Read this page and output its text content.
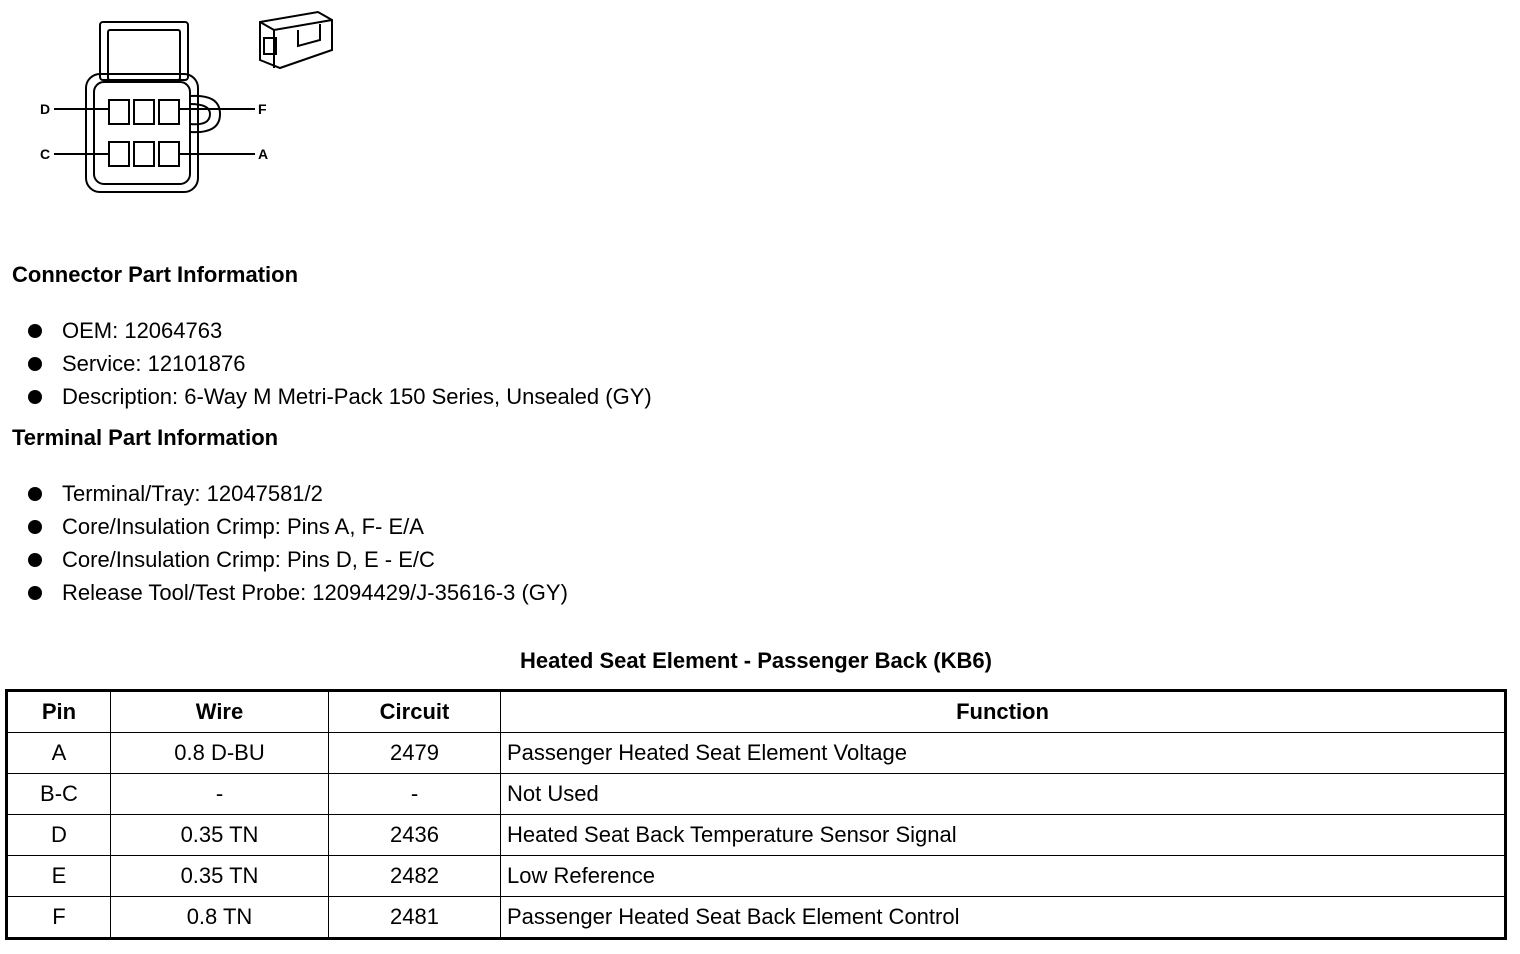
D	F
C	A
Connector Part Information
OEM: 12064763
Service: 12101876
Description: 6-Way M Metri-Pack 150 Series, Unsealed (GY)
Terminal Part Information
Terminal/Tray: 12047581/2
Core/Insulation Crimp: Pins A, F- E/A
Core/Insulation Crimp: Pins D, E - E/C
Release Tool/Test Probe: 12094429/J-35616-3 (GY)
Heated Seat Element - Passenger Back (KB6)
Pin	Wire	Circuit	Function
A	0.8 D-BU	2479	Passenger Heated Seat Element Voltage
B-C	-	-	Not Used
D	0.35 TN	2436	Heated Seat Back Temperature Sensor Signal
E	0.35 TN	2482	Low Reference
F	0.8 TN	2481	Passenger Heated Seat Back Element Control
